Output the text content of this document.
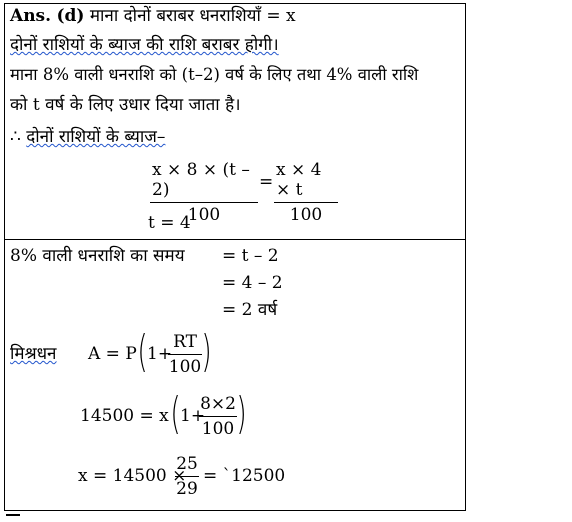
Ans. (d) माना दोनों बराबर धनराशियाँ = x
दोनों राशियों के ब्याज की राशि बराबर होगी।
माना 8% वाली धनराशि को (t–2) वर्ष के लिए तथा 4% वाली राशि
को t वर्ष के लिए उधार दिया जाता है।
∴ दोनों राशियों के ब्याज–
x × 8 × (t – 2)
100
=
x × 4 × t
100
t = 4
8% वाली धनराशि का समय = t – 2
= 4 – 2
= 2 वर्ष
मिश्रधन A = P ( 1+
RT
100 )
14500 = x ( 1+
8×2
100 )
x = 14500 ×
25
29
= `12500
